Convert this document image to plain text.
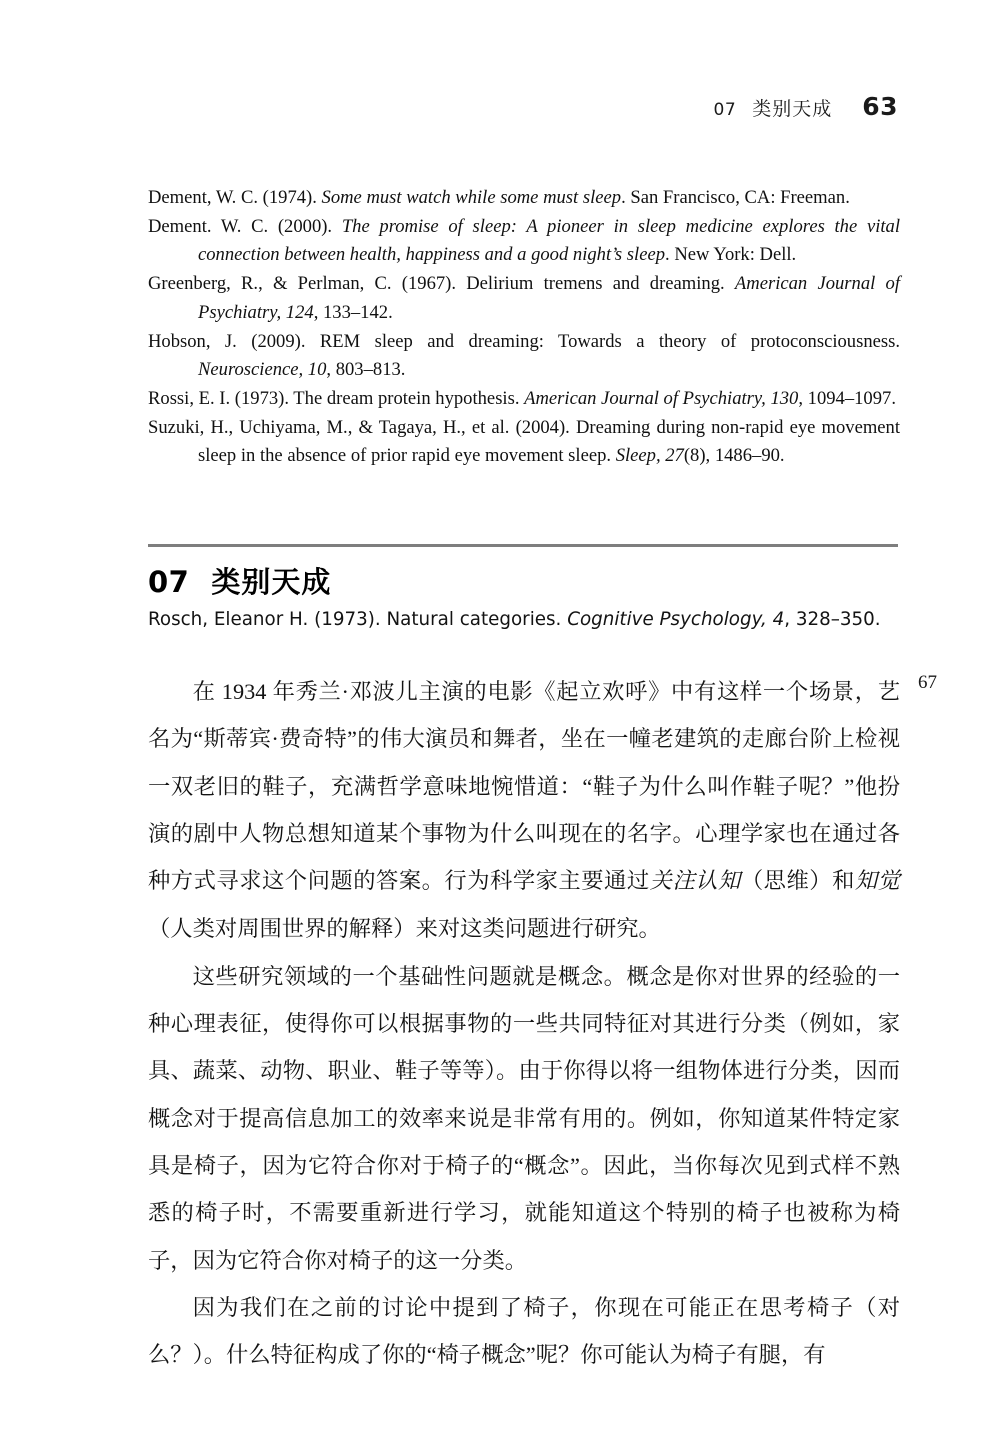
07 类别天成 63

Dement, W. C. (1974). Some must watch while some must sleep. San Francisco, CA: Freeman.

Dement. W. C. (2000). The promise of sleep: A pioneer in sleep medicine explores the vital connection between health, happiness and a good night’s sleep. New York: Dell.

Greenberg, R., & Perlman, C. (1967). Delirium tremens and dreaming. American Journal of Psychiatry, 124, 133–142.

Hobson, J. (2009). REM sleep and dreaming: Towards a theory of protoconsciousness. Neuroscience, 10, 803–813.

Rossi, E. I. (1973). The dream protein hypothesis. American Journal of Psychiatry, 130, 1094–1097.

Suzuki, H., Uchiyama, M., & Tagaya, H., et al. (2004). Dreaming during non-rapid eye movement sleep in the absence of prior rapid eye movement sleep. Sleep, 27(8), 1486–90.

07 类别天成
Rosch, Eleanor H. (1973). Natural categories. Cognitive Psychology, 4, 328–350.
67

在 1934 年秀兰·邓波儿主演的电影《起立欢呼》中有这样一个场景，艺名为“斯蒂宾·费奇特”的伟大演员和舞者，坐在一幢老建筑的走廊台阶上检视一双老旧的鞋子，充满哲学意味地惋惜道：“鞋子为什么叫作鞋子呢？”他扮演的剧中人物总想知道某个事物为什么叫现在的名字。心理学家也在通过各种方式寻求这个问题的答案。行为科学家主要通过关注认知（思维）和知觉（人类对周围世界的解释）来对这类问题进行研究。

这些研究领域的一个基础性问题就是概念。概念是你对世界的经验的一种心理表征，使得你可以根据事物的一些共同特征对其进行分类（例如，家具、蔬菜、动物、职业、鞋子等等）。由于你得以将一组物体进行分类，因而概念对于提高信息加工的效率来说是非常有用的。例如，你知道某件特定家具是椅子，因为它符合你对于椅子的“概念”。因此，当你每次见到式样不熟悉的椅子时，不需要重新进行学习，就能知道这个特别的椅子也被称为椅子，因为它符合你对椅子的这一分类。

因为我们在之前的讨论中提到了椅子，你现在可能正在思考椅子（对么？）。什么特征构成了你的“椅子概念”呢？你可能认为椅子有腿，有
